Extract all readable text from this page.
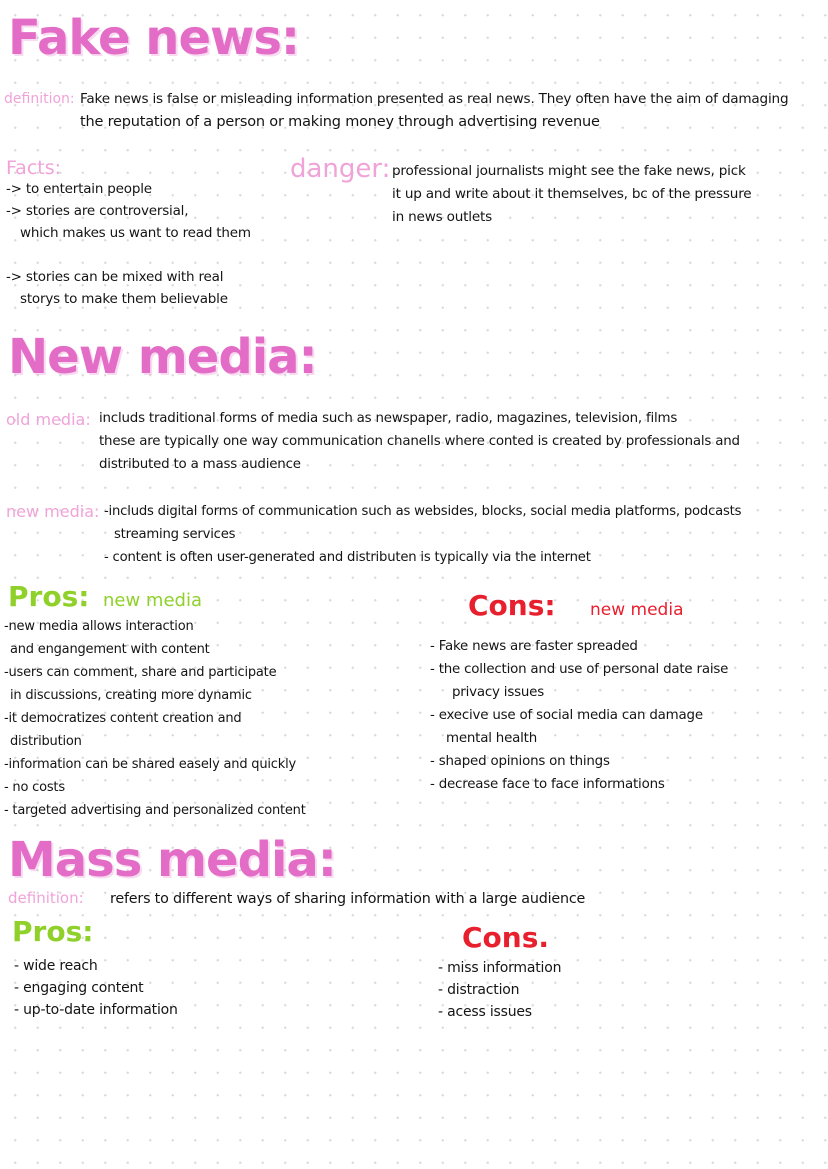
Fake news:
definition: Fake news is false or misleading information presented as real news. They often have the aim of damaging
the reputation of a person or making money through advertising revenue
Facts:
-> to entertain people
-> stories are controversial,
which makes us want to read them
-> stories can be mixed with real
storys to make them believable
danger: professional journalists might see the fake news, pick
it up and write about it themselves, bc of the pressure
in news outlets
New media:
old media: includs traditional forms of media such as newspaper, radio, magazines, television, films
these are typically one way communication chanells where conted is created by professionals and
distributed to a mass audience
new media: -includs digital forms of communication such as websides, blocks, social media platforms, podcasts
streaming services
- content is often user-generated and distributen is typically via the internet
Pros: new media
-new media allows interaction
and engangement with content
-users can comment, share and participate
in discussions, creating more dynamic
-it democratizes content creation and
distribution
-information can be shared easely and quickly
- no costs
- targeted advertising and personalized content
Cons: new media
- Fake news are faster spreaded
- the collection and use of personal date raise
privacy issues
- execive use of social media can damage
mental health
- shaped opinions on things
- decrease face to face informations
Mass media:
definition: refers to different ways of sharing information with a large audience
Pros:
- wide reach
- engaging content
- up-to-date information
Cons.
- miss information
- distraction
- acess issues
